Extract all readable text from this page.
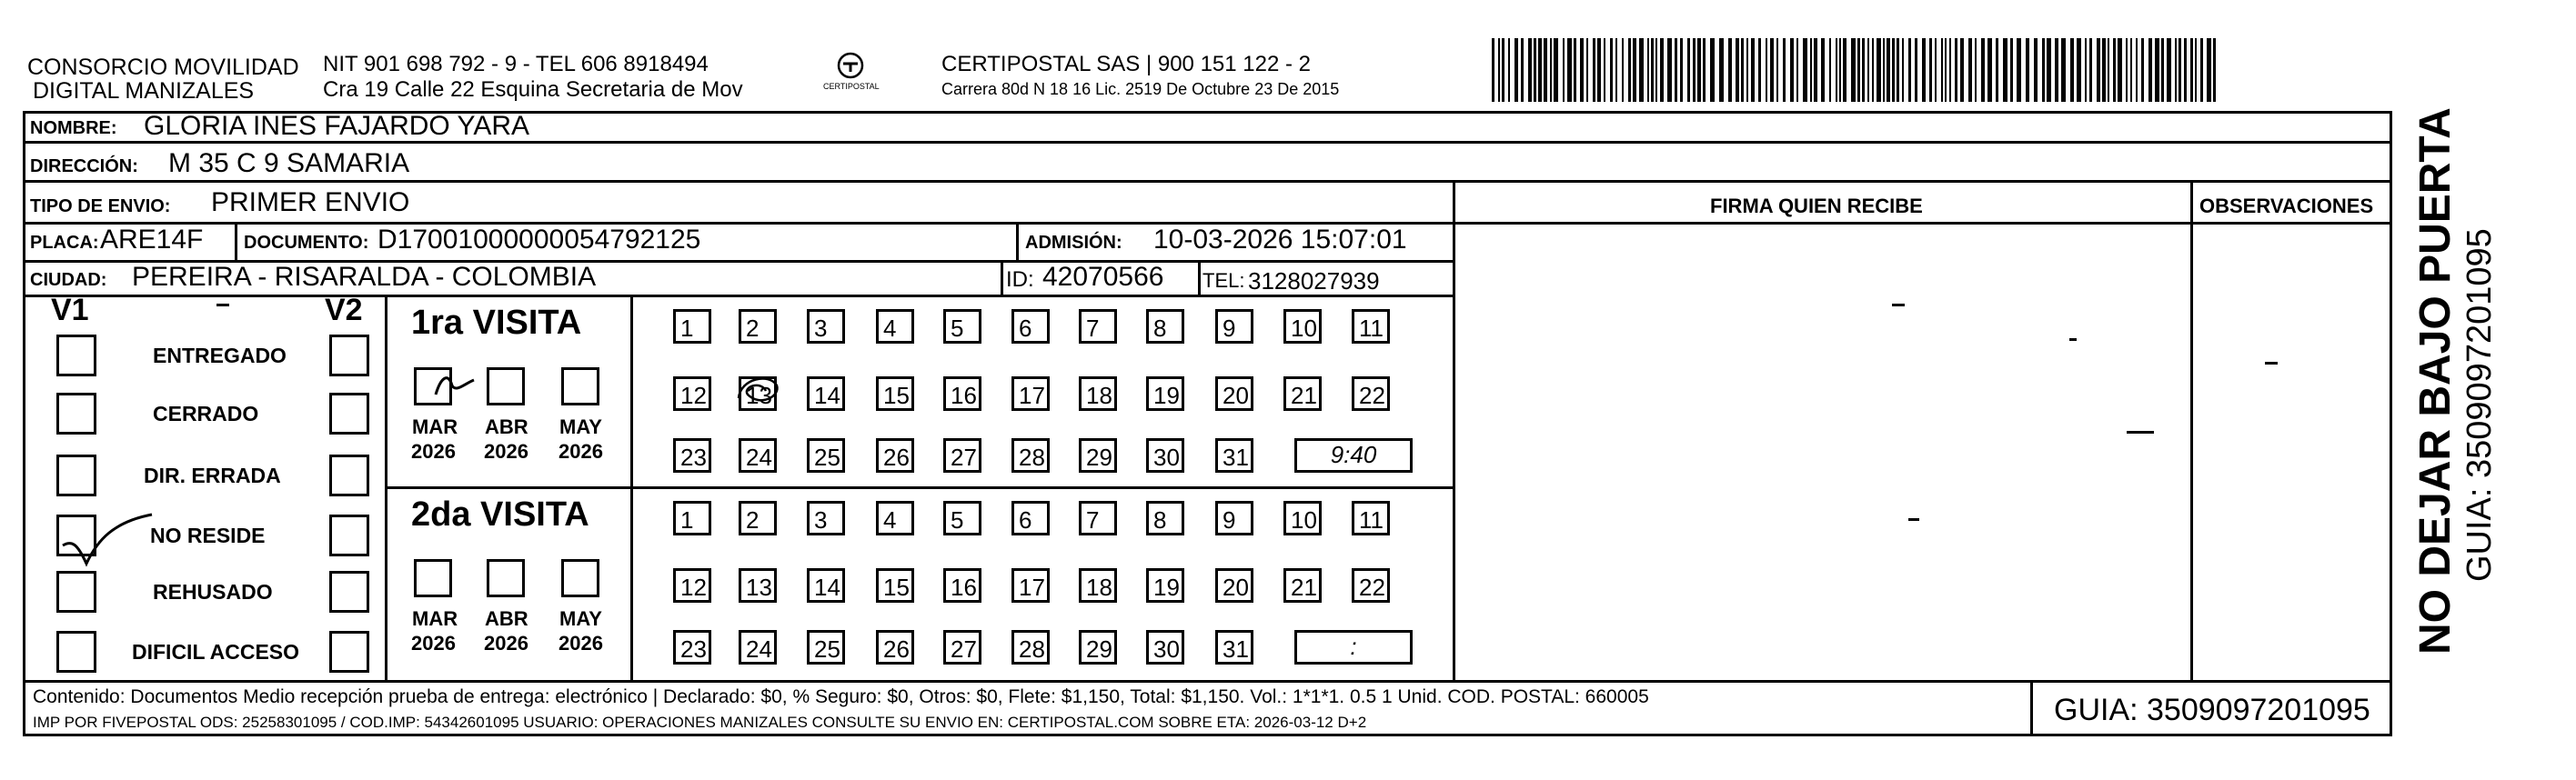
CONSORCIO MOVILIDAD
DIGITAL MANIZALES
NIT 901 698 792 - 9 - TEL 606 8918494
Cra 19 Calle 22 Esquina Secretaria de Mov	CERTIPOSTAL
CERTIPOSTAL SAS | 900 151 122 - 2
Carrera 80d N 18 16 Lic. 2519 De Octubre 23 De 2015
NOMBRE: GLORIA INES FAJARDO YARA
DIRECCIÓN: M 35 C 9 SAMARIA
TIPO DE ENVIO: PRIMER ENVIO	FIRMA QUIEN RECIBE	OBSERVACIONES
PLACA: ARE14F DOCUMENTO: D17001000000054792125	ADMISIÓN: 10-03-2026 15:07:01
CIUDAD: PEREIRA - RISARALDA - COLOMBIA	ID: 42070566 TEL: 3128027939
V1	V2
ENTREGADO
CERRADO
DIR. ERRADA
NO RESIDE
REHUSADO
DIFICIL ACCESO
1ra VISITA
MAR
2026
ABR
2026
MAY
2026
1 2 3 4 5 6 7 8 9 10 11
12 13 14 15 16 17 18 19 20 21 22
23 24 25 26 27 28 29 30 31	9:40
2da VISITA
MAR
2026
ABR
2026
MAY
2026
1 2 3 4 5 6 7 8 9 10 11
12 13 14 15 16 17 18 19 20 21 22
23 24 25 26 27 28 29 30 31	:
Contenido: Documentos Medio recepción prueba de entrega: electrónico | Declarado: $0, % Seguro: $0, Otros: $0, Flete: $1,150, Total: $1,150. Vol.: 1*1*1. 0.5 1 Unid. COD. POSTAL: 660005
IMP POR FIVEPOSTAL ODS: 25258301095 / COD.IMP: 54342601095 USUARIO: OPERACIONES MANIZALES CONSULTE SU ENVIO EN: CERTIPOSTAL.COM SOBRE ETA: 2026-03-12 D+2	GUIA: 3509097201095
NO DEJAR BAJO PUERTA GUIA: 3509097201095
